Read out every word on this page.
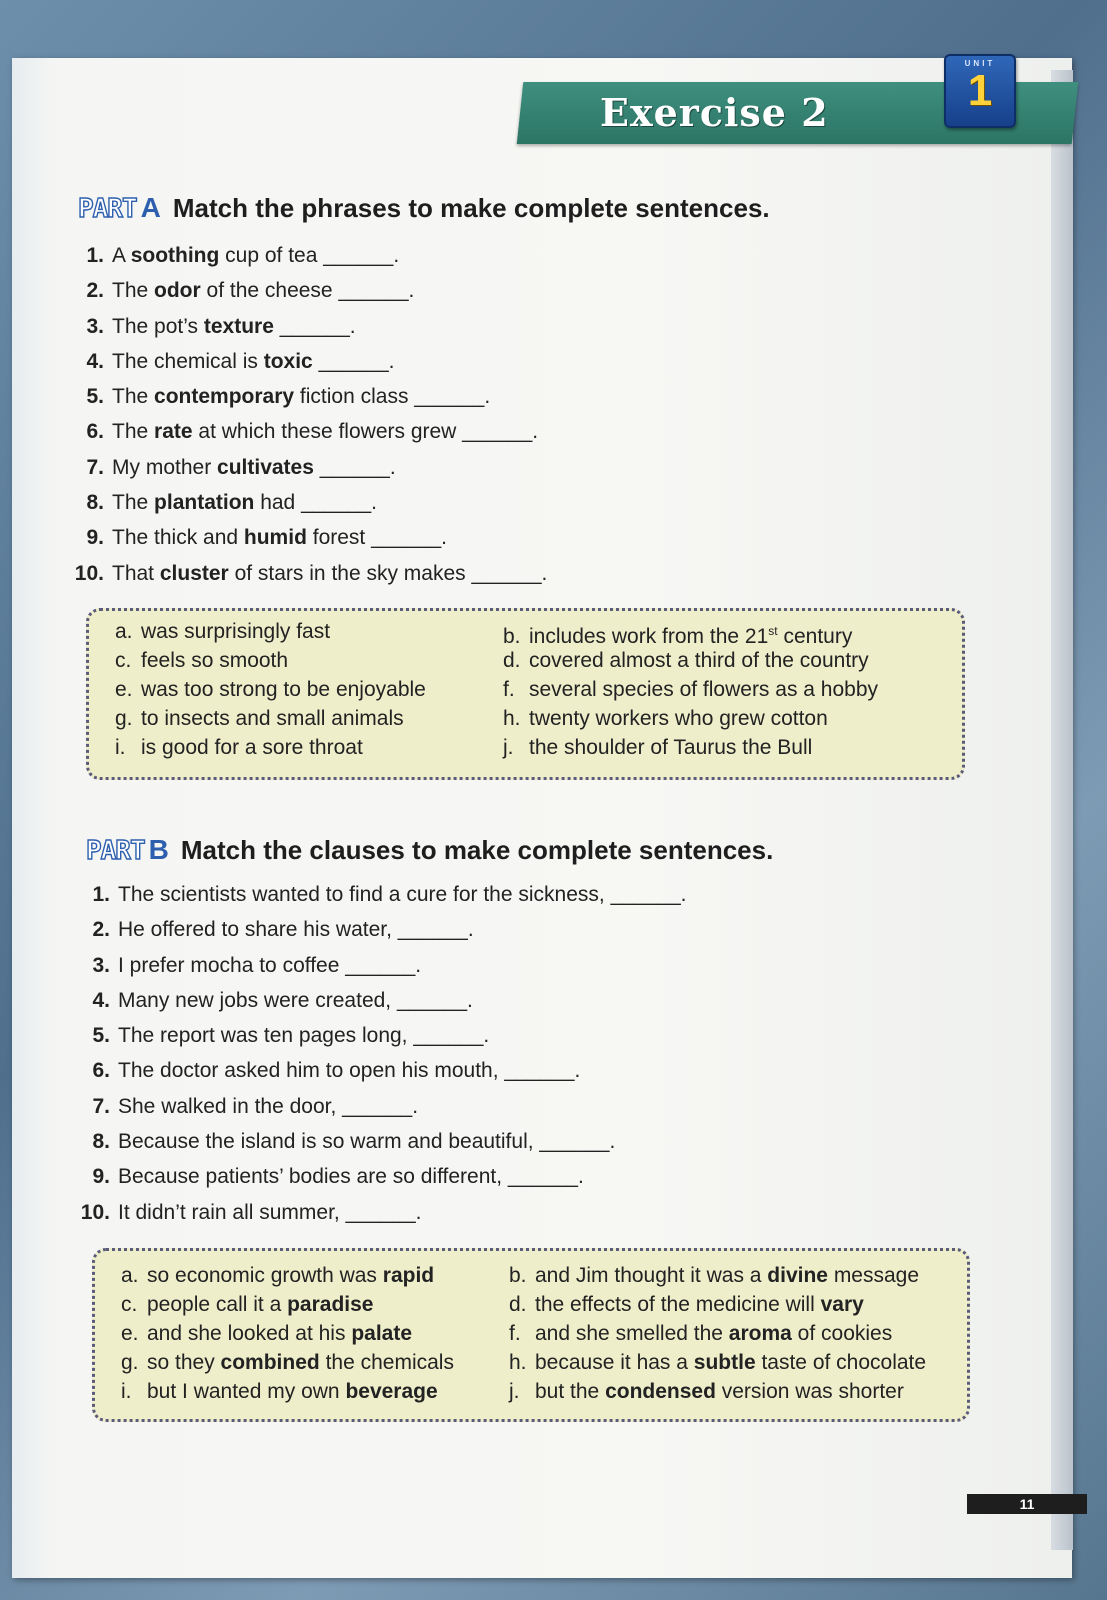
Exercise 2
UNIT
1
PART A Match the phrases to make complete sentences.
1. A soothing cup of tea ______.
2. The odor of the cheese ______.
3. The pot’s texture ______.
4. The chemical is toxic ______.
5. The contemporary fiction class ______.
6. The rate at which these flowers grew ______.
7. My mother cultivates ______.
8. The plantation had ______.
9. The thick and humid forest ______.
10. That cluster of stars in the sky makes ______.
a. was surprisingly fast	b. includes work from the 21st century
c. feels so smooth	d. covered almost a third of the country
e. was too strong to be enjoyable	f. several species of flowers as a hobby
g. to insects and small animals	h. twenty workers who grew cotton
i. is good for a sore throat	j. the shoulder of Taurus the Bull
PART B Match the clauses to make complete sentences.
1. The scientists wanted to find a cure for the sickness, ______.
2. He offered to share his water, ______.
3. I prefer mocha to coffee ______.
4. Many new jobs were created, ______.
5. The report was ten pages long, ______.
6. The doctor asked him to open his mouth, ______.
7. She walked in the door, ______.
8. Because the island is so warm and beautiful, ______.
9. Because patients’ bodies are so different, ______.
10. It didn’t rain all summer, ______.
a. so economic growth was rapid	b. and Jim thought it was a divine message
c. people call it a paradise	d. the effects of the medicine will vary
e. and she looked at his palate	f. and she smelled the aroma of cookies
g. so they combined the chemicals	h. because it has a subtle taste of chocolate
i. but I wanted my own beverage	j. but the condensed version was shorter
11
